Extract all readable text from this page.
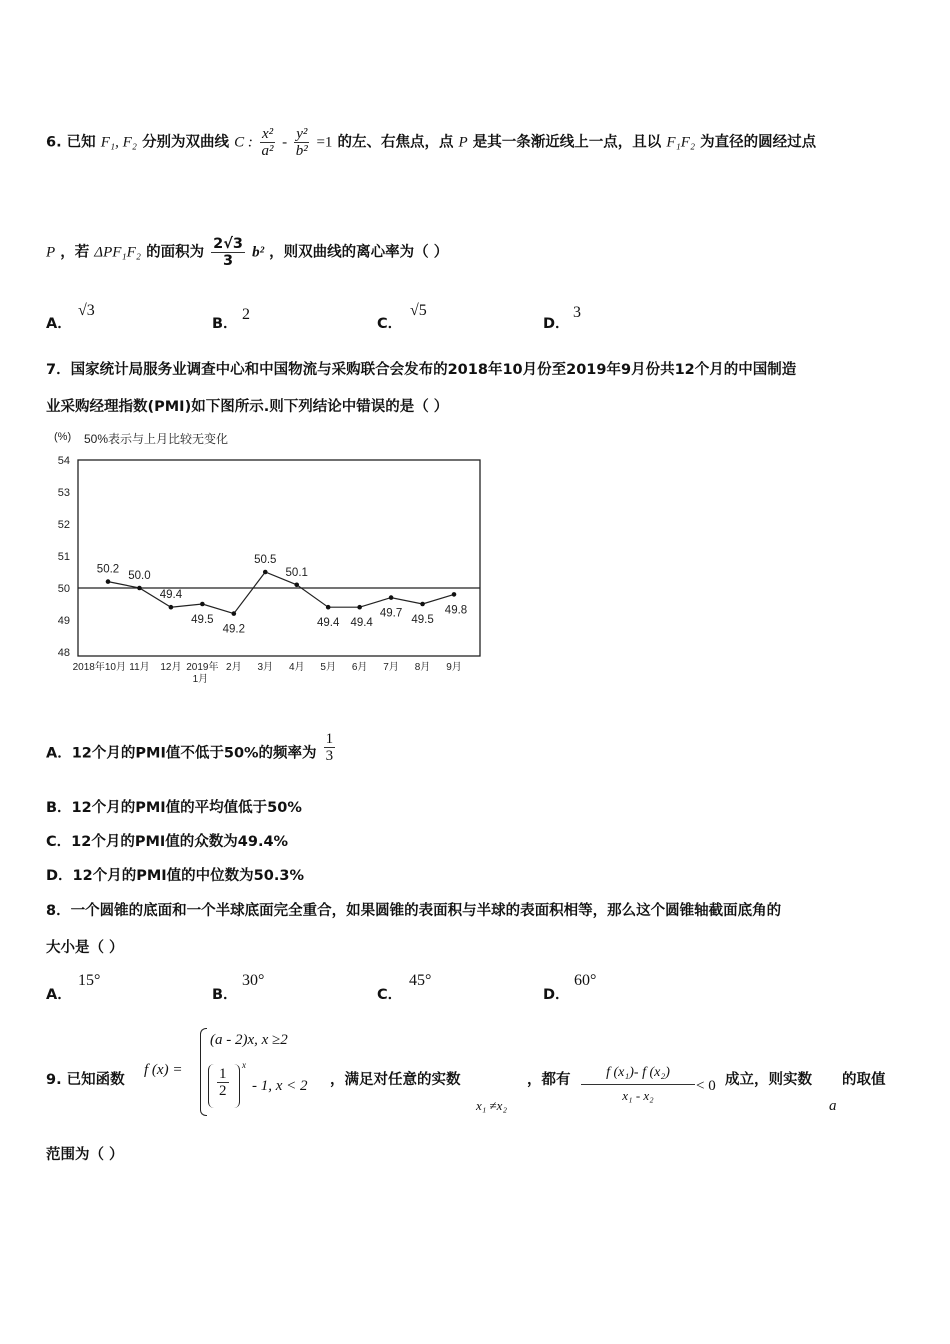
6. 已知 F₁, F₂ 分别为双曲线 C : $\frac{\text{x²}}{\text{a²}} - \frac{\text{y²}}{\text{b²}} =1$ 的左、右焦点，点 P 是其一条渐近线上一点，且以 F₁F₂ 为直径的圆经过点
P ，若 ΔPF₁F₂ 的面积为 $\frac{2√3}{3} b^2$ ，则双曲线的离心率为（ ）
A．
√3
B．
2
C．
√5
D．
3
7．国家统计局服务业调查中心和中国物流与采购联合会发布的2018年10月份至2019年9月份共12个月的中国制造
业采购经理指数(PMI)如下图所示.则下列结论中错误的是（ ）
(%) 50%表示与上月比较无变化
54
53
52
51
50
49
48
2018年10月 11月 12月 2019年
1月
2月 3月 4月 5月 6月 7月 8月 9月
50.2
50.0
49.4
49.5
49.2
50.5
50.1
49.4 49.4
49.7
49.5
49.8
A．12个月的PMI值不低于50%的频率为 $\frac{1}{3}$
B．12个月的PMI值的平均值低于50%
C．12个月的PMI值的众数为49.4%
D．12个月的PMI值的中位数为50.3%
8．一个圆锥的底面和一个半球底面完全重合，如果圆锥的表面积与半球的表面积相等，那么这个圆锥轴截面底角的
大小是（ ）
A．
15°
B．
30°
C．
45°
D．
60°
9. 已知函数
f (x) =
(a - 2)x, x ≥2
$\frac{1}{2}$
x
- 1, x < 2 ，满足对任意的实数
x₁ ≠x₂
，都有 $\frac{\text{f (x₁)- f (x₂)}}{\text{x₁ - x₂}} < 0$ 成立，则实数
a
的取值
范围为（ ）
